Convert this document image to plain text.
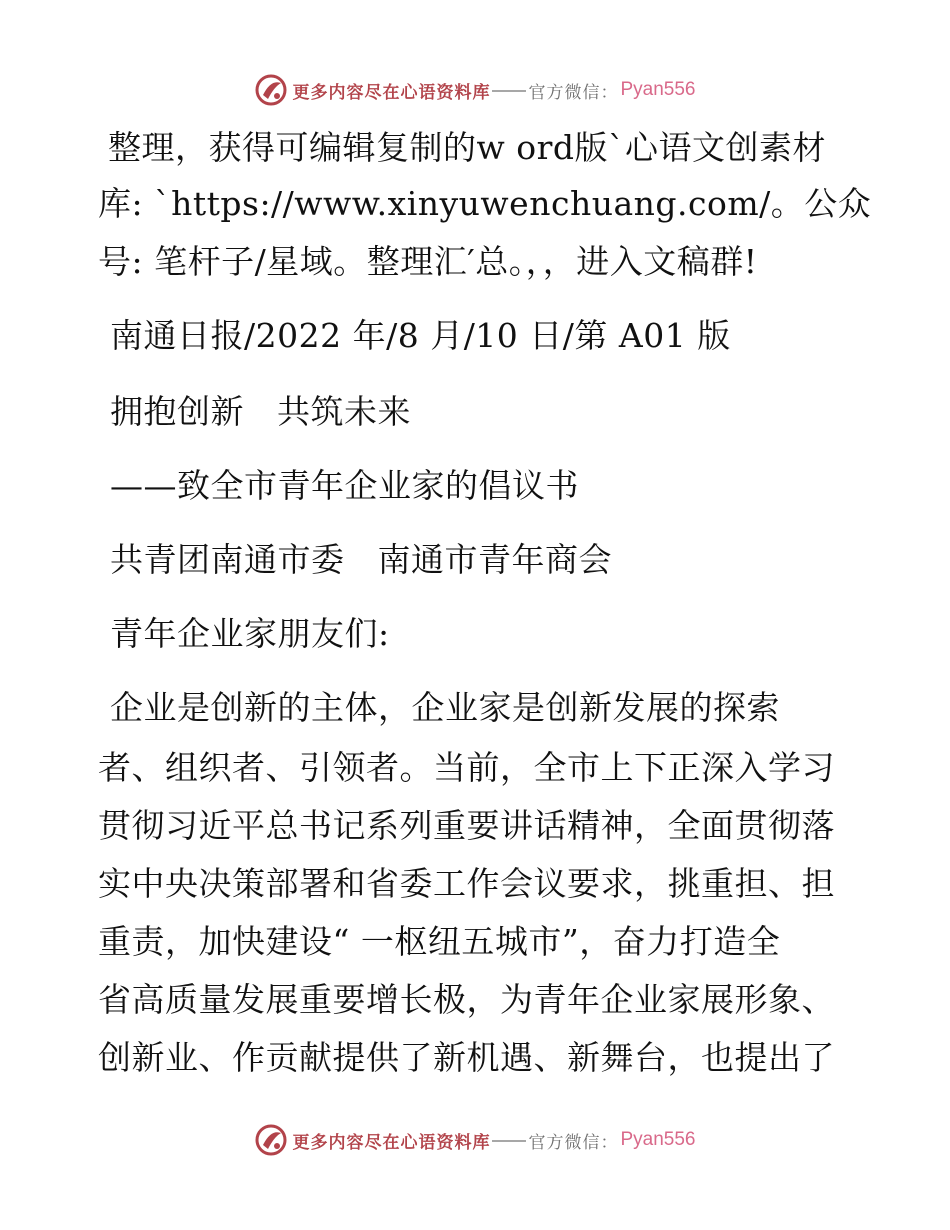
更多内容尽在心语资料库 官方微信： Pyan556
整理，获得可编辑复制的w ord版`心语文创素材
库: `https://www.xinyuwenchuang.com/。公众
号: 笔杆子/星域。整理汇′总。，，进入文稿群!
南通日报/2022 年/8 月/10 日/第 A01 版
拥抱创新   共筑未来
——致全市青年企业家的倡议书
共青团南通市委   南通市青年商会
青年企业家朋友们:
企业是创新的主体，企业家是创新发展的探索
者、组织者、引领者。当前，全市上下正深入学习
贯彻习近平总书记系列重要讲话精神，全面贯彻落
实中央决策部署和省委工作会议要求，挑重担、担
重责，加快建设“ 一枢纽五城市”，奋力打造全
省高质量发展重要增长极，为青年企业家展形象、
创新业、作贡献提供了新机遇、新舞台，也提出了
更多内容尽在心语资料库 官方微信： Pyan556
